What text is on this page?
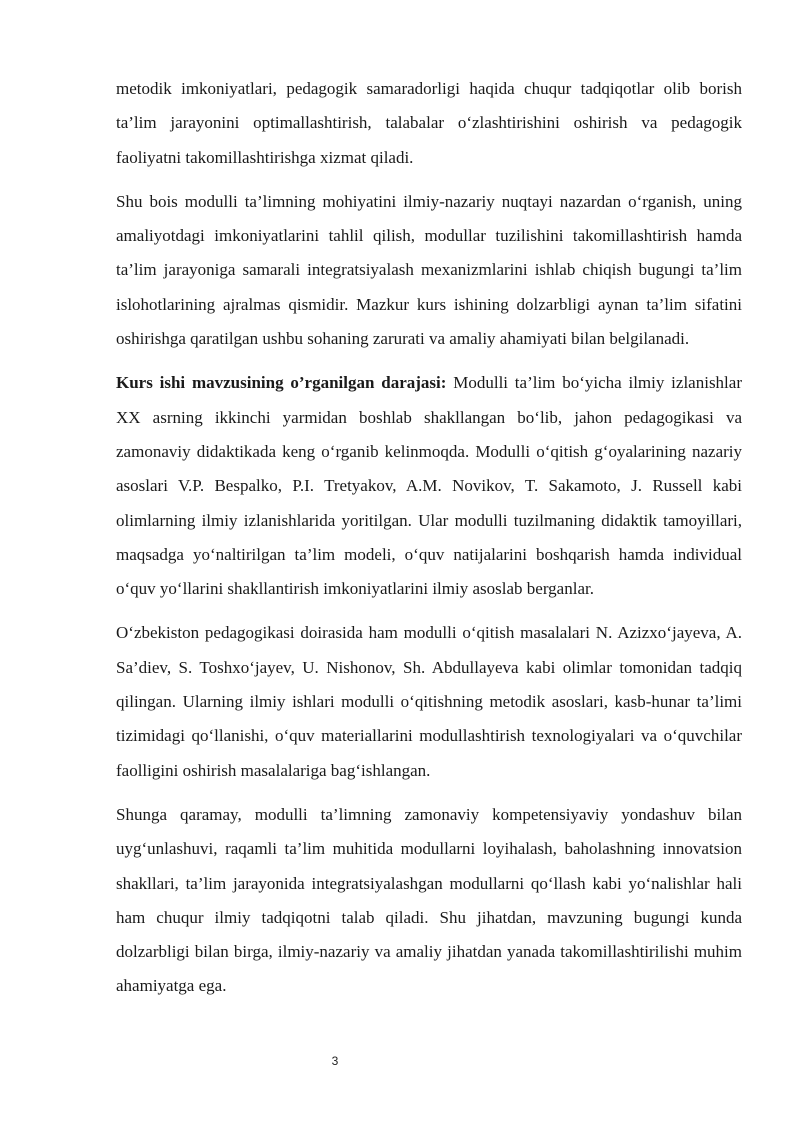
metodik imkoniyatlari, pedagogik samaradorligi haqida chuqur tadqiqotlar olib borish ta’lim jarayonini optimallashtirish, talabalar o‘zlashtirishini oshirish va pedagogik faoliyatni takomillashtirishga xizmat qiladi.

Shu bois modulli ta’limning mohiyatini ilmiy-nazariy nuqtayi nazardan o‘rganish, uning amaliyotdagi imkoniyatlarini tahlil qilish, modullar tuzilishini takomillashtirish hamda ta’lim jarayoniga samarali integratsiyalash mexanizmlarini ishlab chiqish bugungi ta’lim islohotlarining ajralmas qismidir. Mazkur kurs ishining dolzarbligi aynan ta’lim sifatini oshirishga qaratilgan ushbu sohaning zarurati va amaliy ahamiyati bilan belgilanadi.

Kurs ishi mavzusining o’rganilgan darajasi: Modulli ta’lim bo‘yicha ilmiy izlanishlar XX asrning ikkinchi yarmidan boshlab shakllangan bo‘lib, jahon pedagogikasi va zamonaviy didaktikada keng o‘rganib kelinmoqda. Modulli o‘qitish g‘oyalarining nazariy asoslari V.P. Bespalko, P.I. Tretyakov, A.M. Novikov, T. Sakamoto, J. Russell kabi olimlarning ilmiy izlanishlarida yoritilgan. Ular modulli tuzilmaning didaktik tamoyillari, maqsadga yo‘naltirilgan ta’lim modeli, o‘quv natijalarini boshqarish hamda individual o‘quv yo‘llarini shakllantirish imkoniyatlarini ilmiy asoslab berganlar.

O‘zbekiston pedagogikasi doirasida ham modulli o‘qitish masalalari N. Azizxo‘jayeva, A. Sa’diev, S. Toshxo‘jayev, U. Nishonov, Sh. Abdullayeva kabi olimlar tomonidan tadqiq qilingan. Ularning ilmiy ishlari modulli o‘qitishning metodik asoslari, kasb-hunar ta’limi tizimidagi qo‘llanishi, o‘quv materiallarini modullashtirish texnologiyalari va o‘quvchilar faolligini oshirish masalalariga bag‘ishlangan.

Shunga qaramay, modulli ta’limning zamonaviy kompetensiyaviy yondashuv bilan uyg‘unlashuvi, raqamli ta’lim muhitida modullarni loyihalash, baholashning innovatsion shakllari, ta’lim jarayonida integratsiyalashgan modullarni qo‘llash kabi yo‘nalishlar hali ham chuqur ilmiy tadqiqotni talab qiladi. Shu jihatdan, mavzuning bugungi kunda dolzarbligi bilan birga, ilmiy-nazariy va amaliy jihatdan yanada takomillashtirilishi muhim ahamiyatga ega.

3
